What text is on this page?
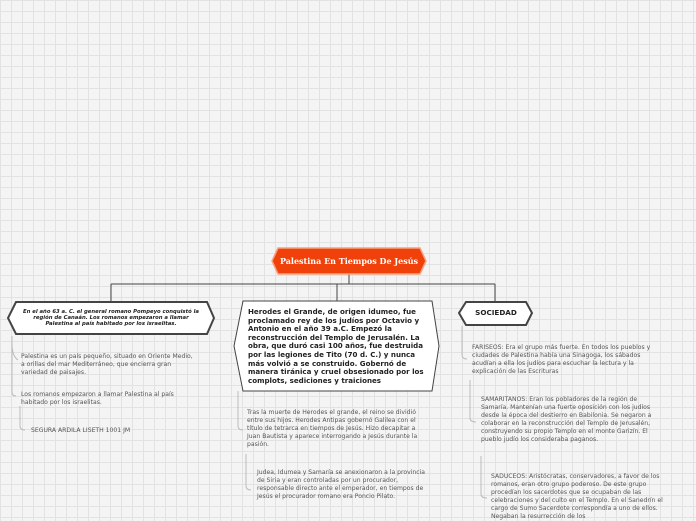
Palestina En Tiempos De Jesús
En el año 63 a. C. el general romano Pompeyo conquistó la región de Canaán. Los romanos empezaron a llamar Palestina al país habitado por los israelitas.
Herodes el Grande, de origen idumeo, fue proclamado rey de los judíos por Octavio y Antonio en el año 39 a.C. Empezó la reconstrucción del Templo de Jerusalén. La obra, que duró casi 100 años, fue destruida por las legiones de Tito (70 d. C.) y nunca más volvió a se construido. Gobernó de manera tiránica y cruel obsesionado por los complots, sediciones y traiciones
SOCIEDAD
Palestina es un país pequeño, situado en Oriente Medio, a orillas del mar Mediterráneo, que encierra gran variedad de paisajes.
Los romanos empezaron a llamar Palestina al país habitado por los israelitas.
SEGURA ARDILA LISETH 1001 JM
Tras la muerte de Herodes el grande, el reino se dividió entre sus hijos. Herodes Antipas gobernó Galilea con el título de tetrarca en tiempos de Jesús. Hizo decapitar a Juan Bautista y aparece interrogando a Jesús durante la pasión.
Judea, Idumea y Samaría se anexionaron a la provincia de Siria y eran controladas por un procurador, responsable directo ante el emperador, en tiempos de Jesús el procurador romano era Poncio Pilato.
FARISEOS: Era el grupo más fuerte. En todos los pueblos y ciudades de Palestina había una Sinagoga, los sábados acudían a ella los judíos para escuchar la lectura y la explicación de las Escrituras
SAMARITANOS: Eran los pobladores de la región de Samaría. Mantenían una fuerte oposición con los judíos desde la época del destierro en Babilonia. Se negaron a colaborar en la reconstrucción del Templo de Jerusalén, construyendo su propio Templo en el monte Garizín. El pueblo judío los consideraba paganos.
SADUCEOS: Aristócratas, conservadores, a favor de los romanos, eran otro grupo poderoso. De este grupo procedían los sacerdotes que se ocupaban de las celebraciones y del culto en el Templo. En el Sanedrín el cargo de Sumo Sacerdote correspondía a uno de ellos. Negaban la resurrección de los
